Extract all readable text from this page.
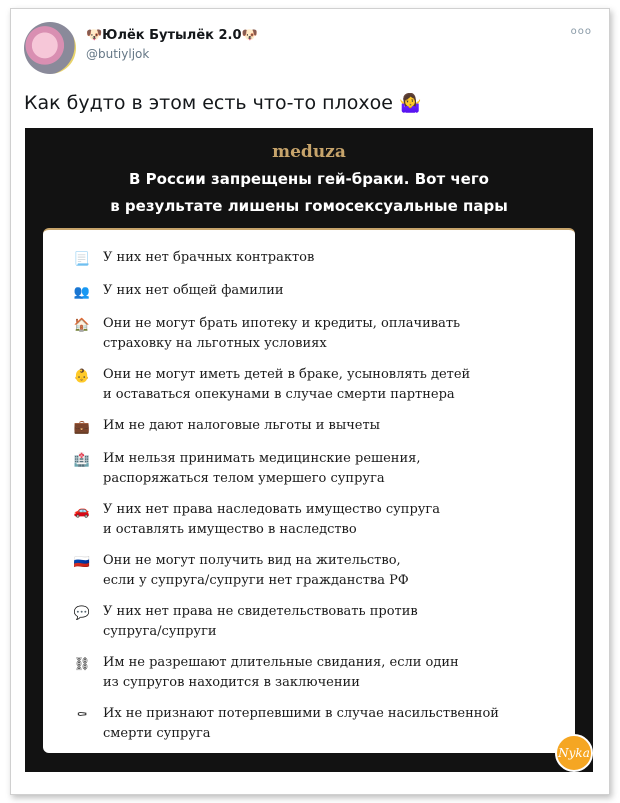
🐶Юлёк Бутылёк 2.0🐶
@butiyljok
ooo
Как будто в этом есть что-то плохое 🤷‍♀️
meduza
В России запрещены гей-браки. Вот чего
в результате лишены гомосексуальные пары
📃 У них нет брачных контрактов
👥 У них нет общей фамилии
🏠 Они не могут брать ипотеку и кредиты, оплачивать
страховку на льготных условиях
👶 Они не могут иметь детей в браке, усыновлять детей
и оставаться опекунами в случае смерти партнера
💼 Им не дают налоговые льготы и вычеты
🏥 Им нельзя принимать медицинские решения,
распоряжаться телом умершего супруга
🚗 У них нет права наследовать имущество супруга
и оставлять имущество в наследство
🇷🇺 Они не могут получить вид на жительство,
если у супруга/супруги нет гражданства РФ
💬 У них нет права не свидетельствовать против
супруга/супруги
⛓ Им не разрешают длительные свидания, если один
из супругов находится в заключении
⚰ Их не признают потерпевшими в случае насильственной
смерти супруга
Nyka
